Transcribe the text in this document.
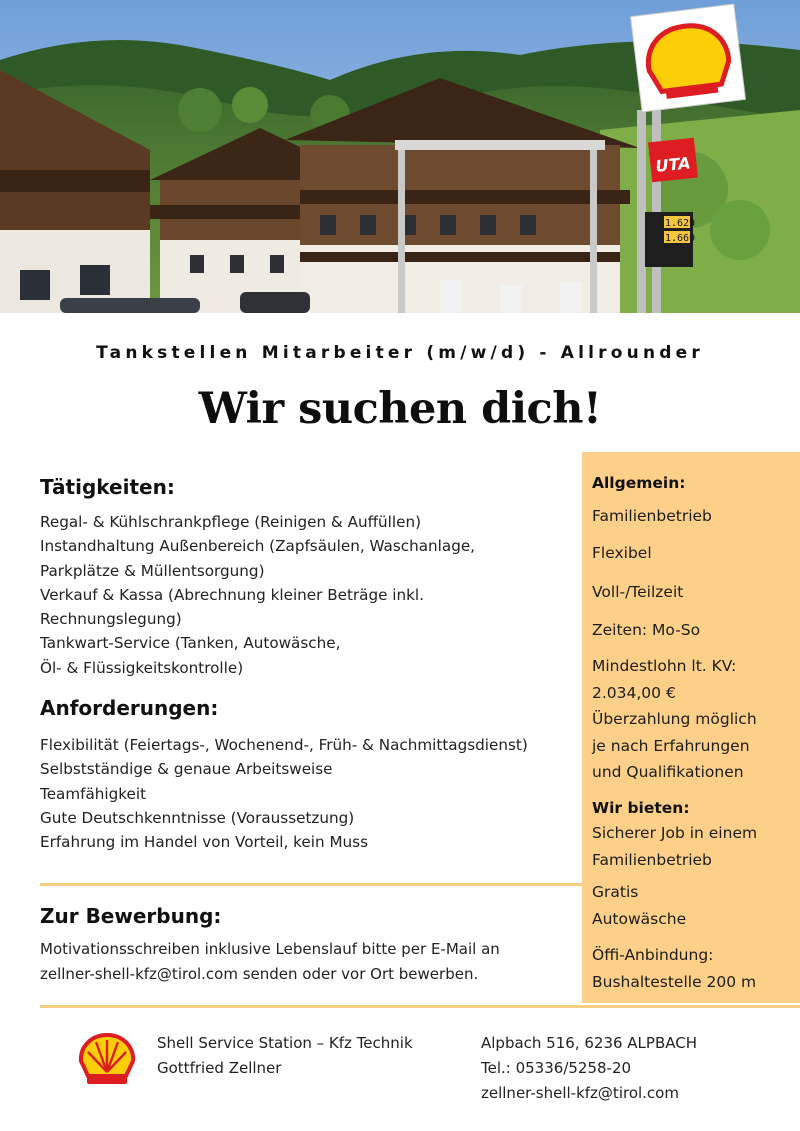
UTA
1.629
1.669
Tankstellen Mitarbeiter (m/w/d) - Allrounder
Wir suchen dich!
Allgemein:
Familienbetrieb
Flexibel
Voll-/Teilzeit
Zeiten: Mo-So
Mindestlohn lt. KV:
2.034,00 €
Überzahlung möglich
je nach Erfahrungen
und Qualifikationen
Wir bieten:
Sicherer Job in einem
Familienbetrieb
Gratis
Autowäsche
Öffi-Anbindung:
Bushaltestelle 200 m
Tätigkeiten:
Regal- & Kühlschrankpflege (Reinigen & Auffüllen)
Instandhaltung Außenbereich (Zapfsäulen, Waschanlage,
Parkplätze & Müllentsorgung)
Verkauf & Kassa (Abrechnung kleiner Beträge inkl.
Rechnungslegung)
Tankwart-Service (Tanken, Autowäsche,
Öl- & Flüssigkeitskontrolle)
Anforderungen:
Flexibilität (Feiertags-, Wochenend-, Früh- & Nachmittagsdienst)
Selbstständige & genaue Arbeitsweise
Teamfähigkeit
Gute Deutschkenntnisse (Voraussetzung)
Erfahrung im Handel von Vorteil, kein Muss
Zur Bewerbung:
Motivationsschreiben inklusive Lebenslauf bitte per E-Mail an
zellner-shell-kfz@tirol.com senden oder vor Ort bewerben.
Shell Service Station – Kfz Technik
Gottfried Zellner
Alpbach 516, 6236 ALPBACH
Tel.: 05336/5258-20
zellner-shell-kfz@tirol.com
